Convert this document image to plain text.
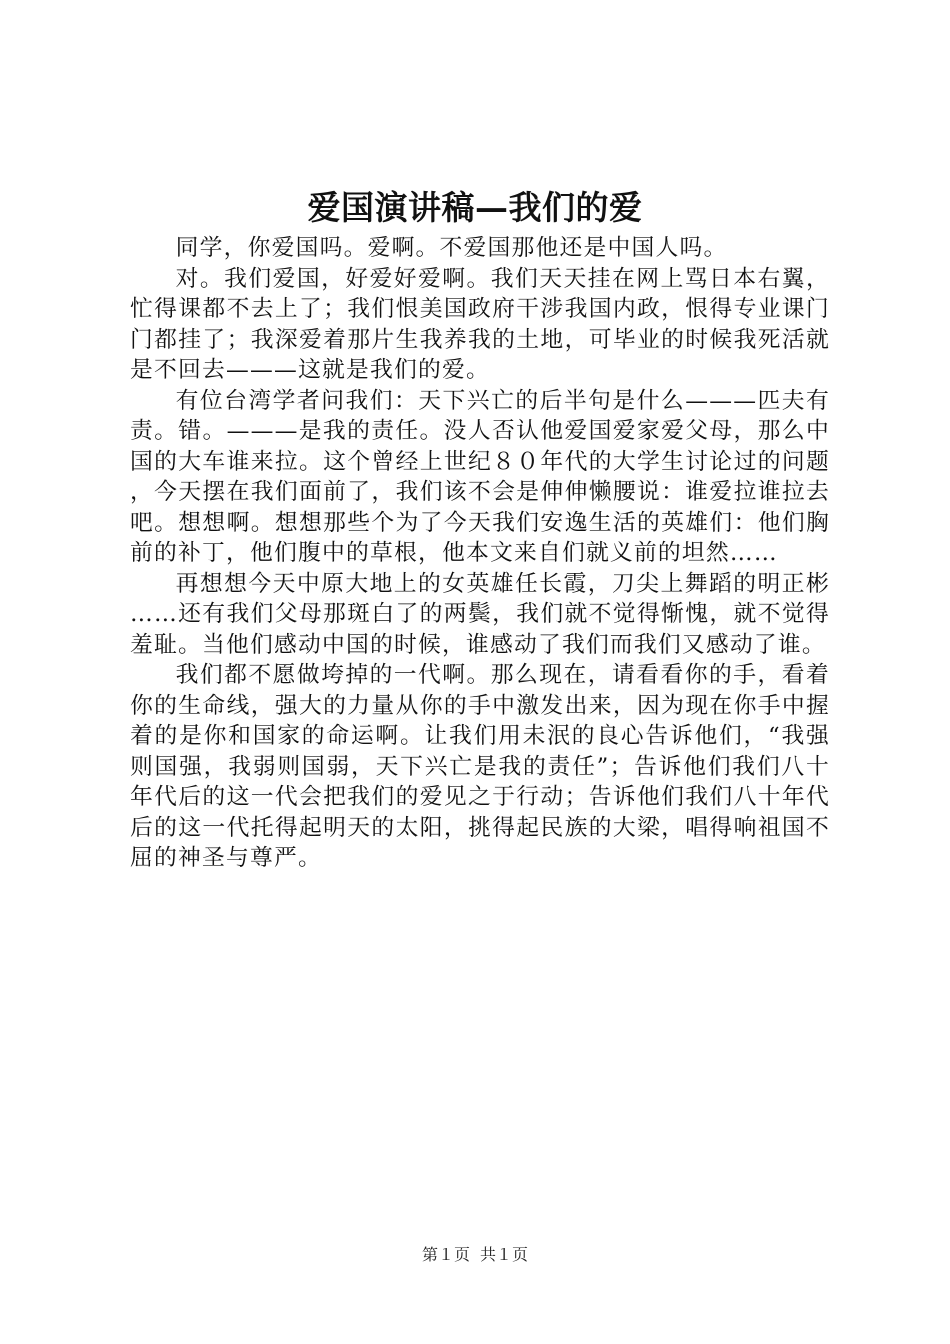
爱国演讲稿—我们的爱

同学，你爱国吗。爱啊。不爱国那他还是中国人吗。

对。我们爱国，好爱好爱啊。我们天天挂在网上骂日本右翼，忙得课都不去上了；我们恨美国政府干涉我国内政，恨得专业课门门都挂了；我深爱着那片生我养我的土地，可毕业的时候我死活就是不回去———这就是我们的爱。

有位台湾学者问我们：天下兴亡的后半句是什么———匹夫有责。错。———是我的责任。没人否认他爱国爱家爱父母，那么中国的大车谁来拉。这个曾经上世纪８０年代的大学生讨论过的问题，今天摆在我们面前了，我们该不会是伸伸懒腰说：谁爱拉谁拉去吧。想想啊。想想那些个为了今天我们安逸生活的英雄们：他们胸前的补丁，他们腹中的草根，他本文来自们就义前的坦然……

再想想今天中原大地上的女英雄任长霞，刀尖上舞蹈的明正彬……还有我们父母那斑白了的两鬓，我们就不觉得惭愧，就不觉得羞耻。当他们感动中国的时候，谁感动了我们而我们又感动了谁。

我们都不愿做垮掉的一代啊。那么现在，请看看你的手，看着你的生命线，强大的力量从你的手中激发出来，因为现在你手中握着的是你和国家的命运啊。让我们用未泯的良心告诉他们，“我强则国强，我弱则国弱，天下兴亡是我的责任”；告诉他们我们八十年代后的这一代会把我们的爱见之于行动；告诉他们我们八十年代后的这一代托得起明天的太阳，挑得起民族的大梁，唱得响祖国不屈的神圣与尊严。

第１页 共１页
